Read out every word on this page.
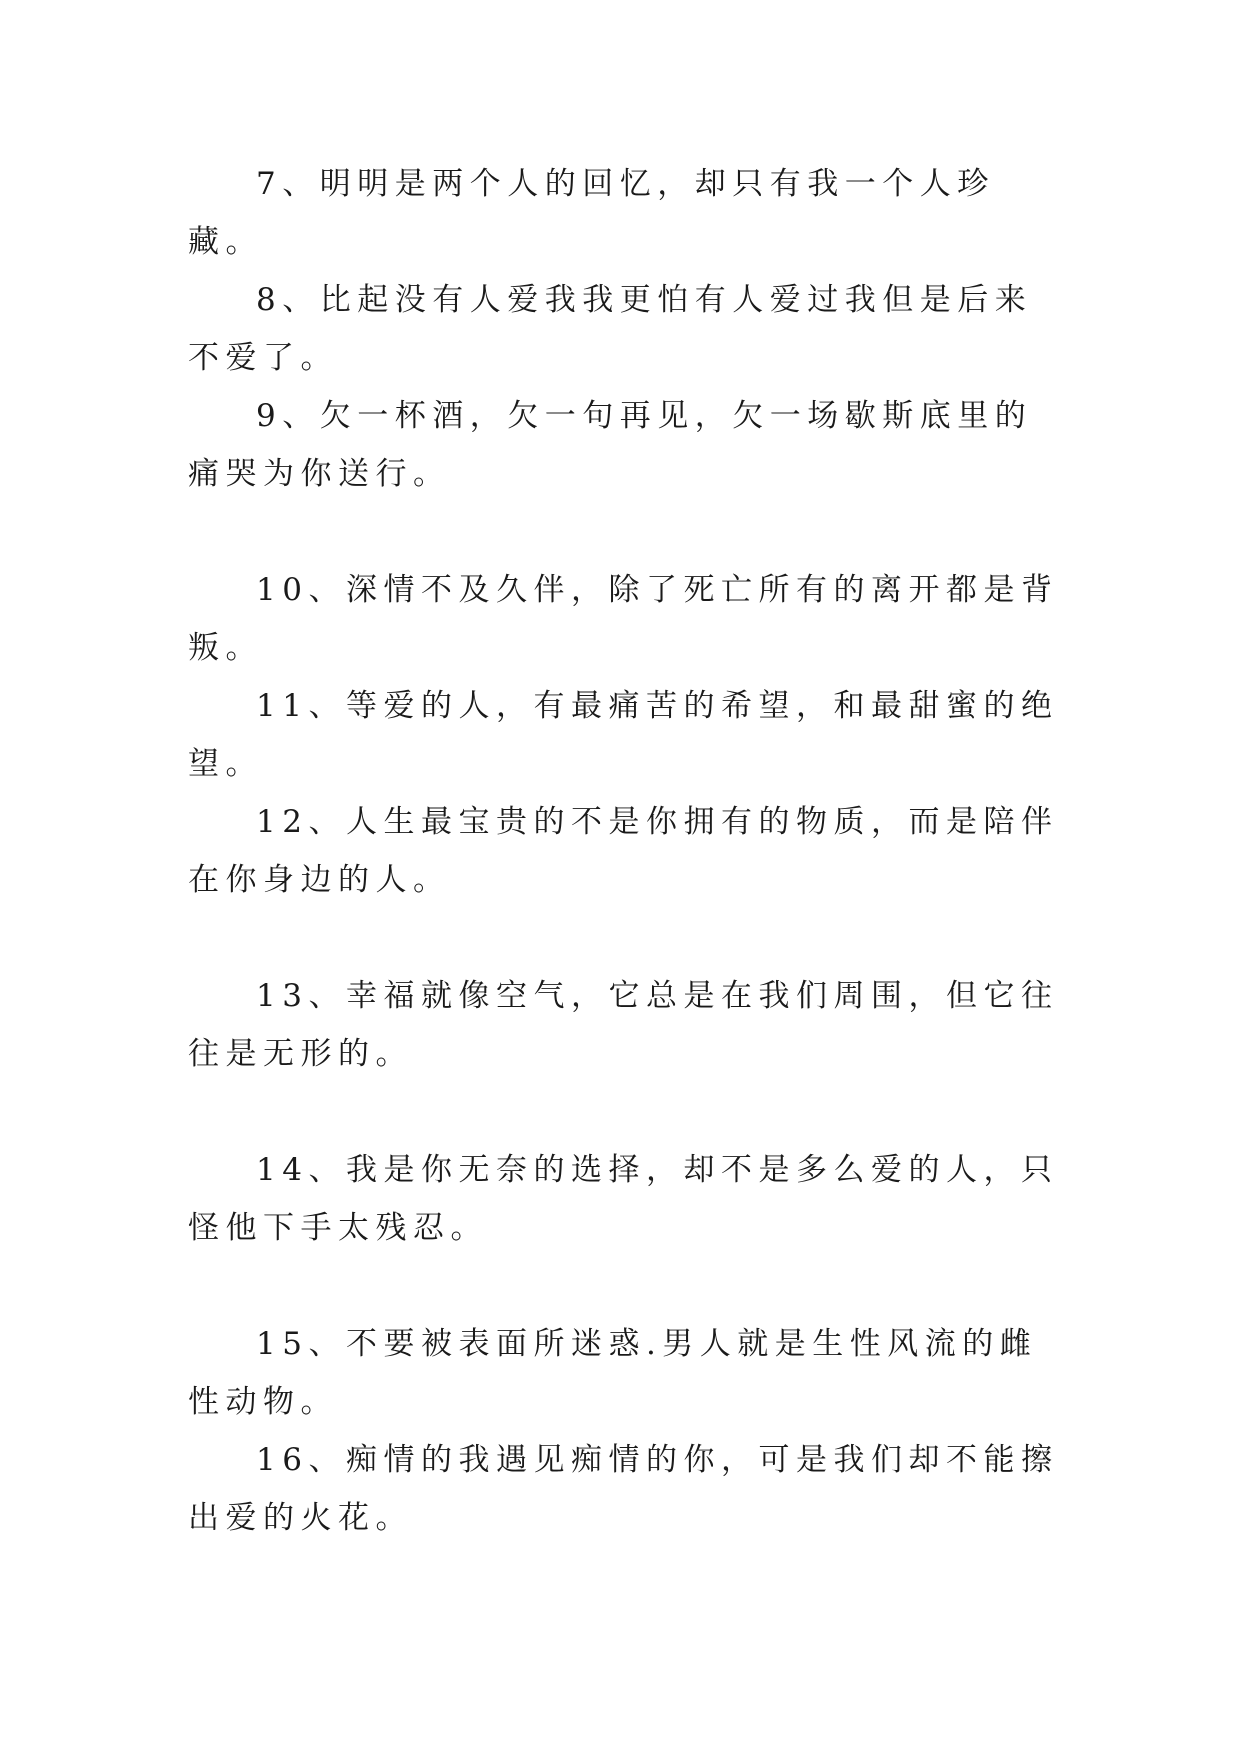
7、明明是两个人的回忆，却只有我一个人珍藏。

8、比起没有人爱我我更怕有人爱过我但是后来不爱了。

9、欠一杯酒，欠一句再见，欠一场歇斯底里的痛哭为你送行。

10、深情不及久伴，除了死亡所有的离开都是背叛。

11、等爱的人，有最痛苦的希望，和最甜蜜的绝望。

12、人生最宝贵的不是你拥有的物质，而是陪伴在你身边的人。

13、幸福就像空气，它总是在我们周围，但它往往是无形的。

14、我是你无奈的选择，却不是多么爱的人，只怪他下手太残忍。

15、不要被表面所迷惑.男人就是生性风流的雌性动物。

16、痴情的我遇见痴情的你，可是我们却不能擦出爱的火花。
